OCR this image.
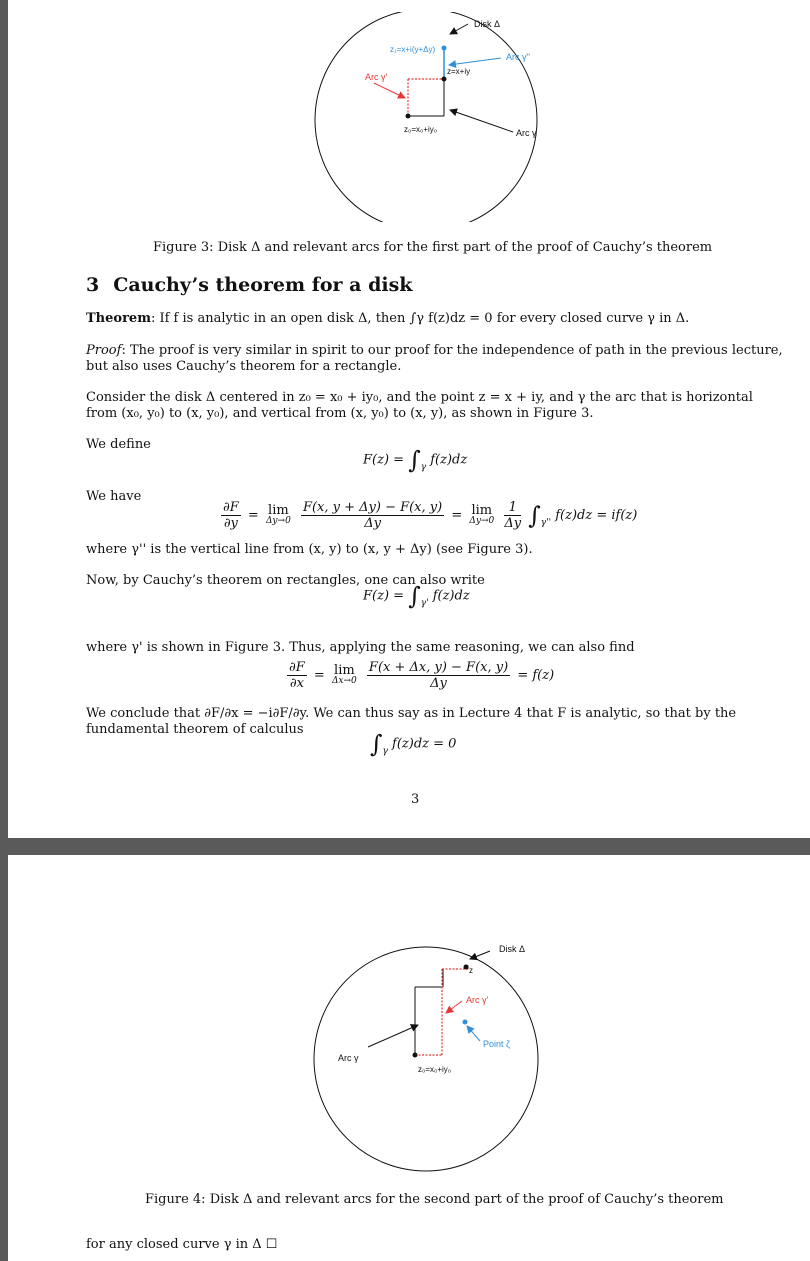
Disk Δ
z₁=x+i(y+Δy)
z=x+iy
z₀=x₀+iy₀
Arc γ''
Arc γ'
Arc γ
Figure 3: Disk Δ and relevant arcs for the first part of the proof of Cauchy’s theorem
3 Cauchy’s theorem for a disk
Theorem: If f is analytic in an open disk Δ, then ∫γ f(z)dz = 0 for every closed curve γ in Δ.
Proof: The proof is very similar in spirit to our proof for the independence of path in the previous lecture,
but also uses Cauchy’s theorem for a rectangle.
Consider the disk Δ centered in z₀ = x₀ + iy₀, and the point z = x + iy, and γ the arc that is horizontal
from (x₀, y₀) to (x, y₀), and vertical from (x, y₀) to (x, y), as shown in Figure 3.
We define
$F(z) = \int_\gamma$ f(z)dz
We have
$\frac{\partial F}{\partial y} = \lim$
Δy→0
$\frac{F(x, y + \Delta y) - F(x, y)}{\Delta y} = \lim$
Δy→0
$\frac{1}{\Delta y} \int_{\gamma''}$ f(z)dz = if(z)
where γ'' is the vertical line from (x, y) to (x, y + Δy) (see Figure 3).
Now, by Cauchy’s theorem on rectangles, one can also write
$F(z) = \int_{\gamma'}$ f(z)dz
where γ' is shown in Figure 3. Thus, applying the same reasoning, we can also find
$\frac{\partial F}{\partial x} = \lim$
Δx→0
$\frac{F(x + \Delta x, y) - F(x, y)}{\Delta y} = f(z)$
We conclude that ∂F/∂x = −i∂F/∂y. We can thus say as in Lecture 4 that F is analytic, so that by the
fundamental theorem of calculus
$\int_\gamma$ f(z)dz = 0
3
Disk Δ
z
Arc γ'
Point ζ
Arc γ
z₀=x₀+iy₀
Figure 4: Disk Δ and relevant arcs for the second part of the proof of Cauchy’s theorem
for any closed curve γ in Δ ☐
